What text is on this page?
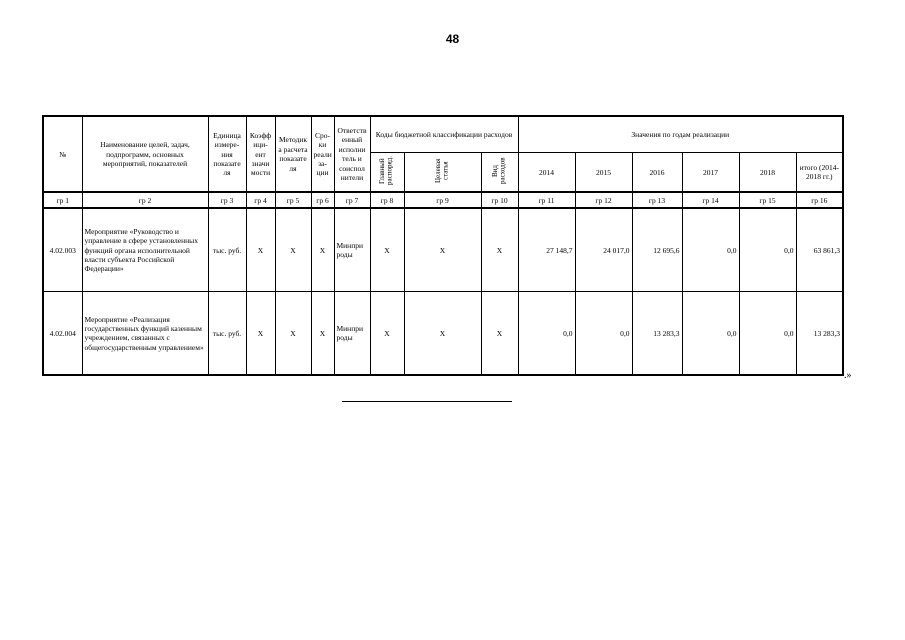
48
№	Наименование целей, задач, подпрограмм, основных мероприятий, показателей	Единица измере-ния показате ля	Коэфф ици-ент значи мости	Методик а расчета показате ля	Сро-ки реали за-ции	Ответств енный исполни тель и соиспол нители	Коды бюджетной классификации расходов			Значения по годам реализации					
							Главный распоряд.	Целевая статья	Вид расходов	2014	2015	2016	2017	2018	итого (2014-2018 гг.)
гр 1	гр 2	гр 3	гр 4	гр 5	гр 6	гр 7	гр 8	гр 9	гр 10	гр 11	гр 12	гр 13	гр 14	гр 15	гр 16
4.02.003	Мероприятие «Руководство и управление в сфере установленных функций органа исполнительной власти субъекта Российской Федерации»	тыс. руб.	Х	Х	Х	Минпри роды	Х	Х	Х	27 148,7	24 017,0	12 695,6	0,0	0,0	63 861,3
4.02.004	Мероприятие «Реализация государственных функций казенным учреждением, связанных с общегосударственным управлением»	тыс. руб.	Х	Х	Х	Минпри роды	Х	Х	Х	0,0	0,0	13 283,3	0,0	0,0	13 283,3
.»
